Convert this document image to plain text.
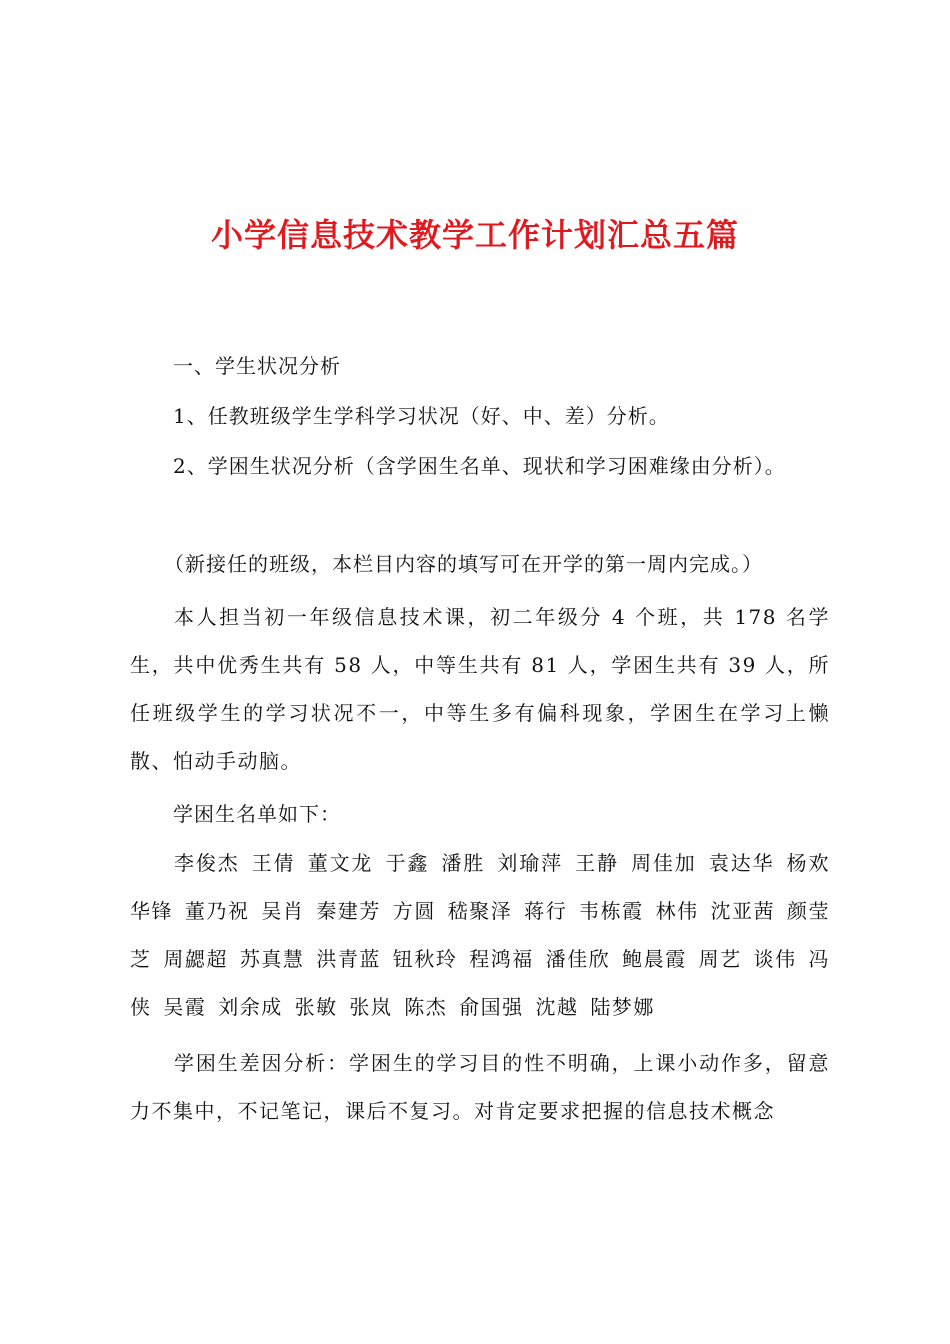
小学信息技术教学工作计划汇总五篇
一、学生状况分析
1、任教班级学生学科学习状况（好、中、差）分析。
2、学困生状况分析（含学困生名单、现状和学习困难缘由分析）。
（新接任的班级，本栏目内容的填写可在开学的第一周内完成。）
本人担当初一年级信息技术课，初二年级分 4 个班，共 178 名学生，共中优秀生共有 58 人，中等生共有 81 人，学困生共有 39 人，所任班级学生的学习状况不一，中等生多有偏科现象，学困生在学习上懒散、怕动手动脑。
学困生名单如下：
李俊杰 王倩 董文龙 于鑫 潘胜 刘瑜萍 王静 周佳加 袁达华 杨欢 华锋 董乃祝 吴肖 秦建芳 方圆 嵇聚泽 蒋行 韦栋霞 林伟 沈亚茜 颜莹芝 周勰超 苏真慧 洪青蓝 钮秋玲 程鸿福 潘佳欣 鲍晨霞 周艺 谈伟 冯侠 吴霞 刘余成 张敏 张岚 陈杰 俞国强 沈越 陆梦娜
学困生差因分析：学困生的学习目的性不明确，上课小动作多，留意力不集中，不记笔记，课后不复习。对肯定要求把握的信息技术概念
